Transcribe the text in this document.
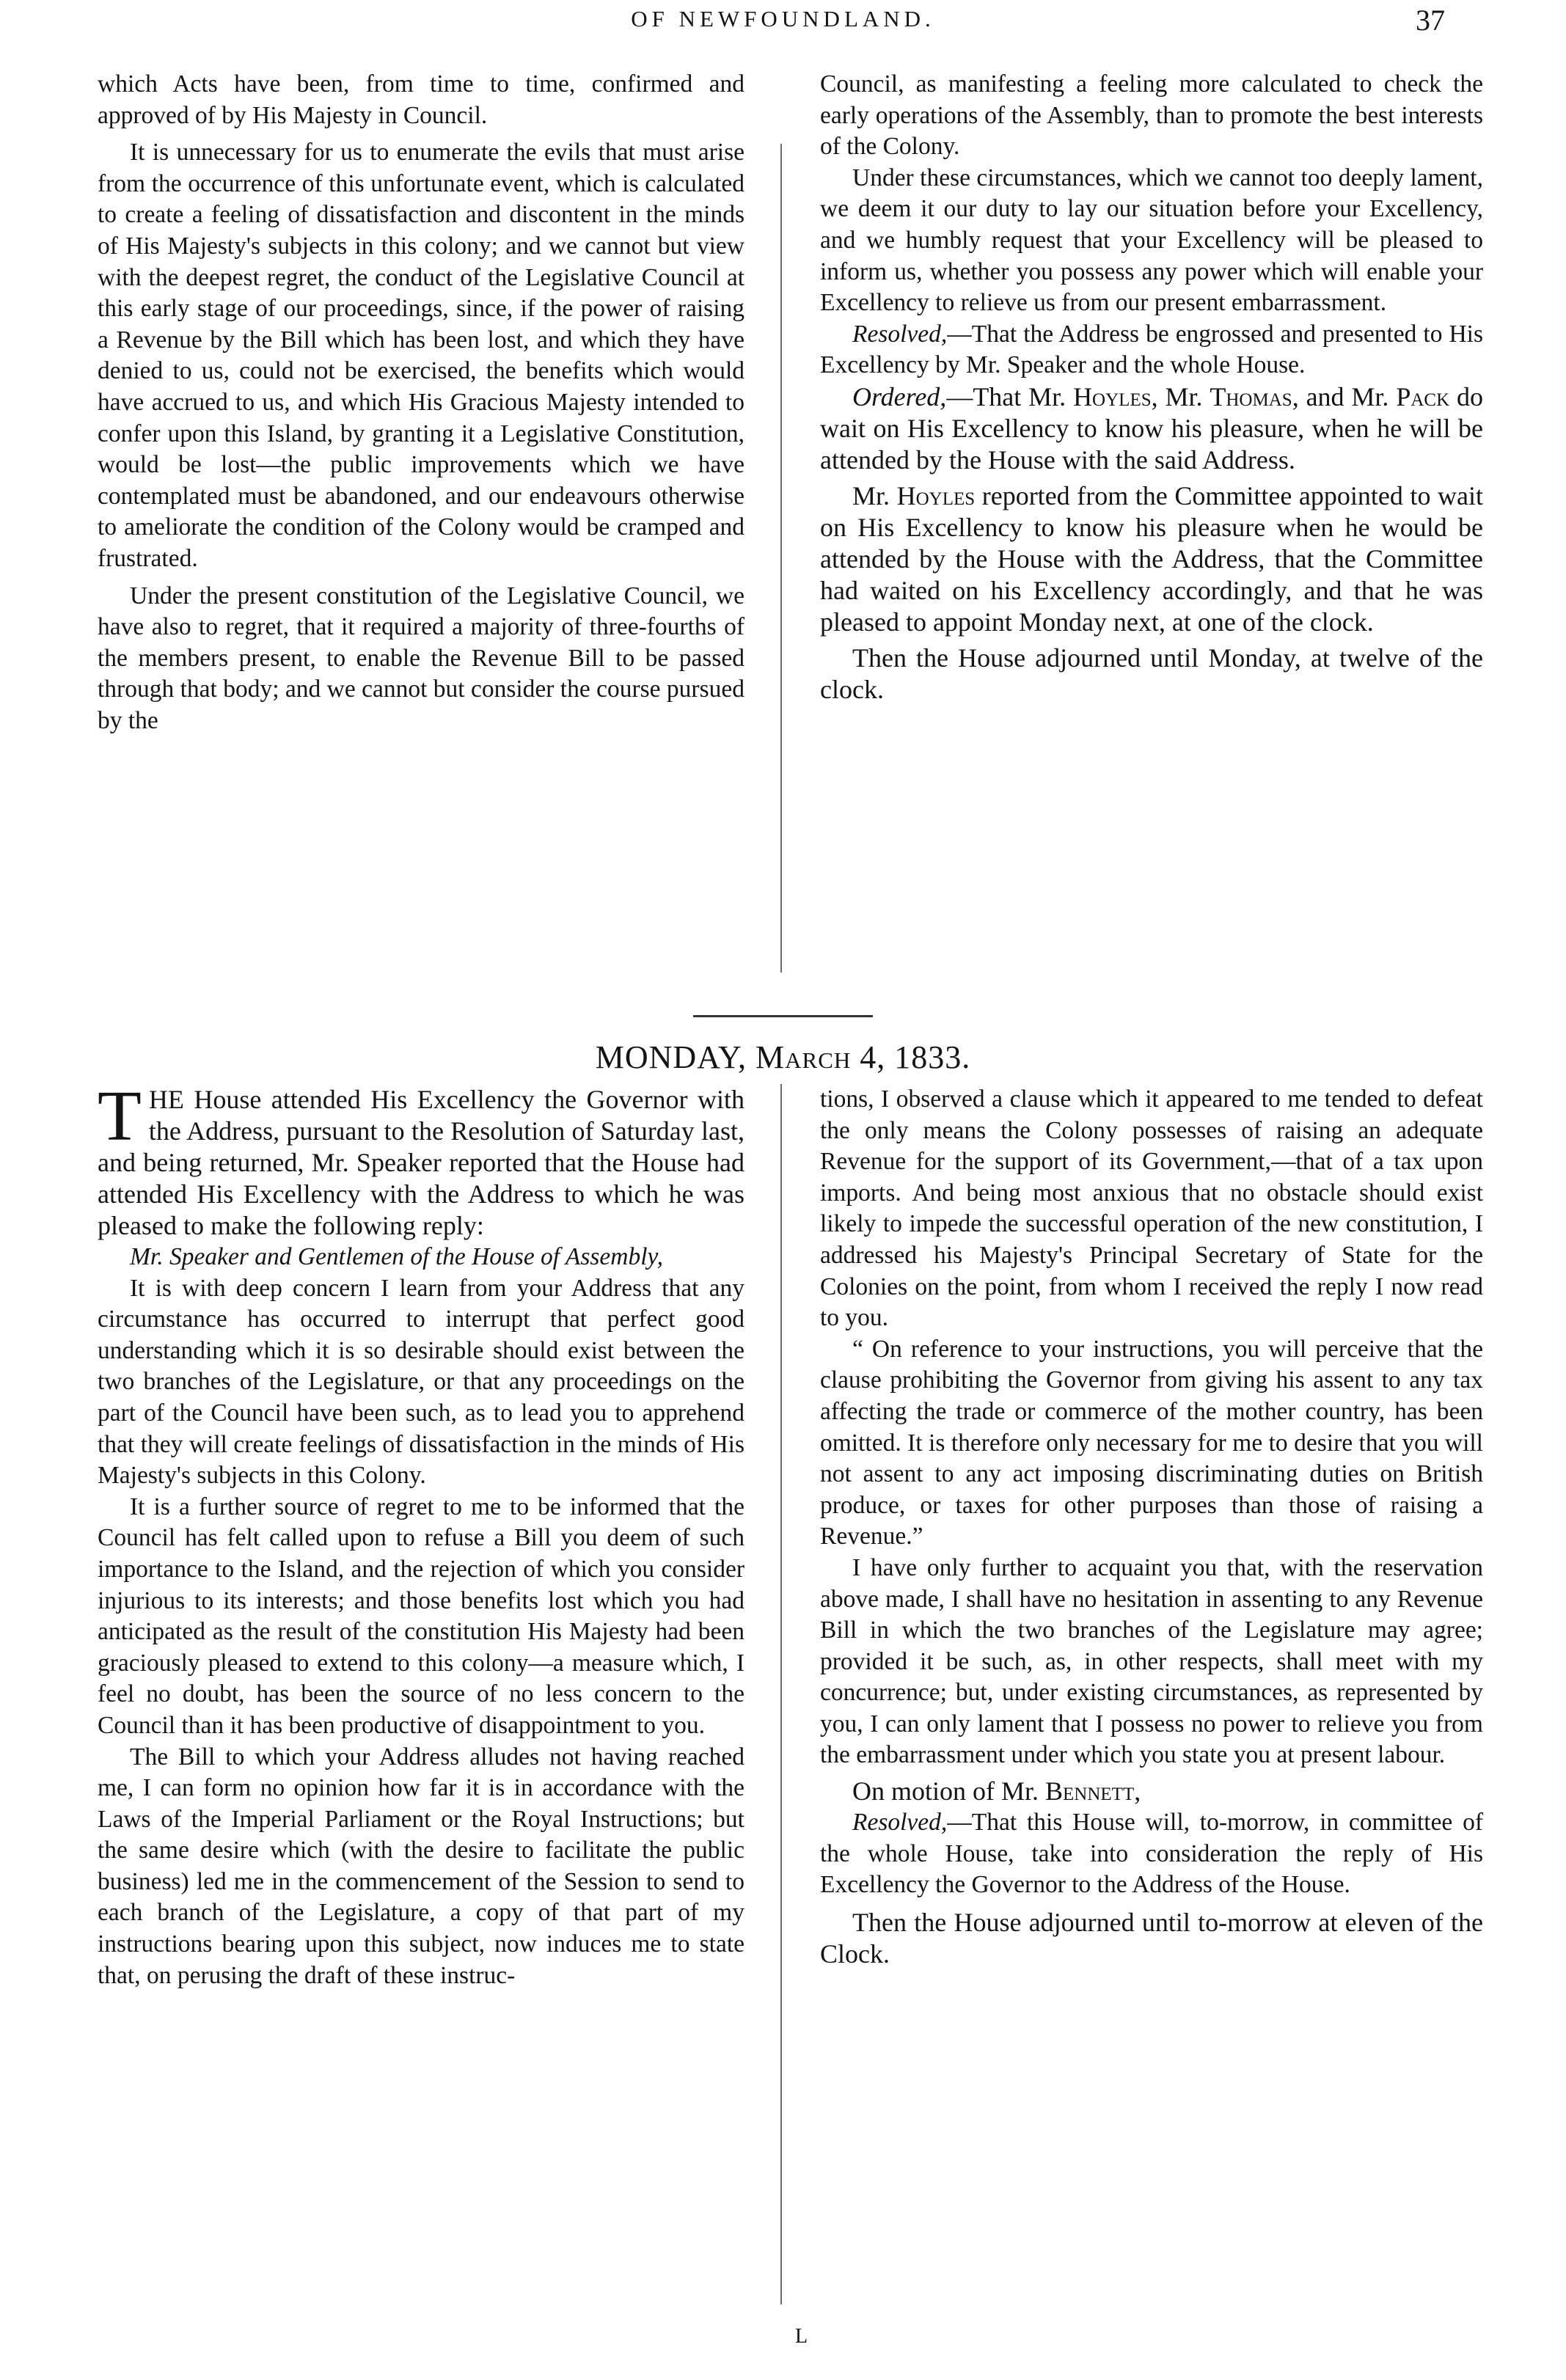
OF NEWFOUNDLAND.	37

which Acts have been, from time to time, confirmed and approved of by His Majesty in Council.

It is unnecessary for us to enumerate the evils that must arise from the occurrence of this unfortunate event, which is calculated to create a feeling of dissatisfaction and discontent in the minds of His Majesty's subjects in this colony; and we cannot but view with the deepest regret, the conduct of the Legislative Council at this early stage of our proceedings, since, if the power of raising a Revenue by the Bill which has been lost, and which they have denied to us, could not be exercised, the benefits which would have accrued to us, and which His Gracious Majesty intended to confer upon this Island, by granting it a Legislative Constitution, would be lost—the public improvements which we have contemplated must be abandoned, and our endeavours otherwise to ameliorate the condition of the Colony would be cramped and frustrated.

Under the present constitution of the Legislative Council, we have also to regret, that it required a majority of three-fourths of the members present, to enable the Revenue Bill to be passed through that body; and we cannot but consider the course pursued by the

Council, as manifesting a feeling more calculated to check the early operations of the Assembly, than to promote the best interests of the Colony.

Under these circumstances, which we cannot too deeply lament, we deem it our duty to lay our situation before your Excellency, and we humbly request that your Excellency will be pleased to inform us, whether you possess any power which will enable your Excellency to relieve us from our present embarrassment.

Resolved,—That the Address be engrossed and presented to His Excellency by Mr. Speaker and the whole House.

Ordered,—That Mr. Hoyles, Mr. Thomas, and Mr. Pack do wait on His Excellency to know his pleasure, when he will be attended by the House with the said Address.

Mr. Hoyles reported from the Committee appointed to wait on His Excellency to know his pleasure when he would be attended by the House with the Address, that the Committee had waited on his Excellency accordingly, and that he was pleased to appoint Monday next, at one of the clock.

Then the House adjourned until Monday, at twelve of the clock.

MONDAY, March 4, 1833.

THE House attended His Excellency the Governor with the Address, pursuant to the Resolution of Saturday last, and being returned, Mr. Speaker reported that the House had attended His Excellency with the Address to which he was pleased to make the following reply:

Mr. Speaker and Gentlemen of the House of Assembly,

It is with deep concern I learn from your Address that any circumstance has occurred to interrupt that perfect good understanding which it is so desirable should exist between the two branches of the Legislature, or that any proceedings on the part of the Council have been such, as to lead you to apprehend that they will create feelings of dissatisfaction in the minds of His Majesty's subjects in this Colony.

It is a further source of regret to me to be informed that the Council has felt called upon to refuse a Bill you deem of such importance to the Island, and the rejection of which you consider injurious to its interests; and those benefits lost which you had anticipated as the result of the constitution His Majesty had been graciously pleased to extend to this colony—a measure which, I feel no doubt, has been the source of no less concern to the Council than it has been productive of disappointment to you.

The Bill to which your Address alludes not having reached me, I can form no opinion how far it is in accordance with the Laws of the Imperial Parliament or the Royal Instructions; but the same desire which (with the desire to facilitate the public business) led me in the commencement of the Session to send to each branch of the Legislature, a copy of that part of my instructions bearing upon this subject, now induces me to state that, on perusing the draft of these instruc-

tions, I observed a clause which it appeared to me tended to defeat the only means the Colony possesses of raising an adequate Revenue for the support of its Government,—that of a tax upon imports. And being most anxious that no obstacle should exist likely to impede the successful operation of the new constitution, I addressed his Majesty's Principal Secretary of State for the Colonies on the point, from whom I received the reply I now read to you.

“ On reference to your instructions, you will perceive that the clause prohibiting the Governor from giving his assent to any tax affecting the trade or commerce of the mother country, has been omitted. It is therefore only necessary for me to desire that you will not assent to any act imposing discriminating duties on British produce, or taxes for other purposes than those of raising a Revenue.”

I have only further to acquaint you that, with the reservation above made, I shall have no hesitation in assenting to any Revenue Bill in which the two branches of the Legislature may agree; provided it be such, as, in other respects, shall meet with my concurrence; but, under existing circumstances, as represented by you, I can only lament that I possess no power to relieve you from the embarrassment under which you state you at present labour.

On motion of Mr. Bennett,

Resolved,—That this House will, to-morrow, in committee of the whole House, take into consideration the reply of His Excellency the Governor to the Address of the House.

Then the House adjourned until to-morrow at eleven of the Clock.

L
